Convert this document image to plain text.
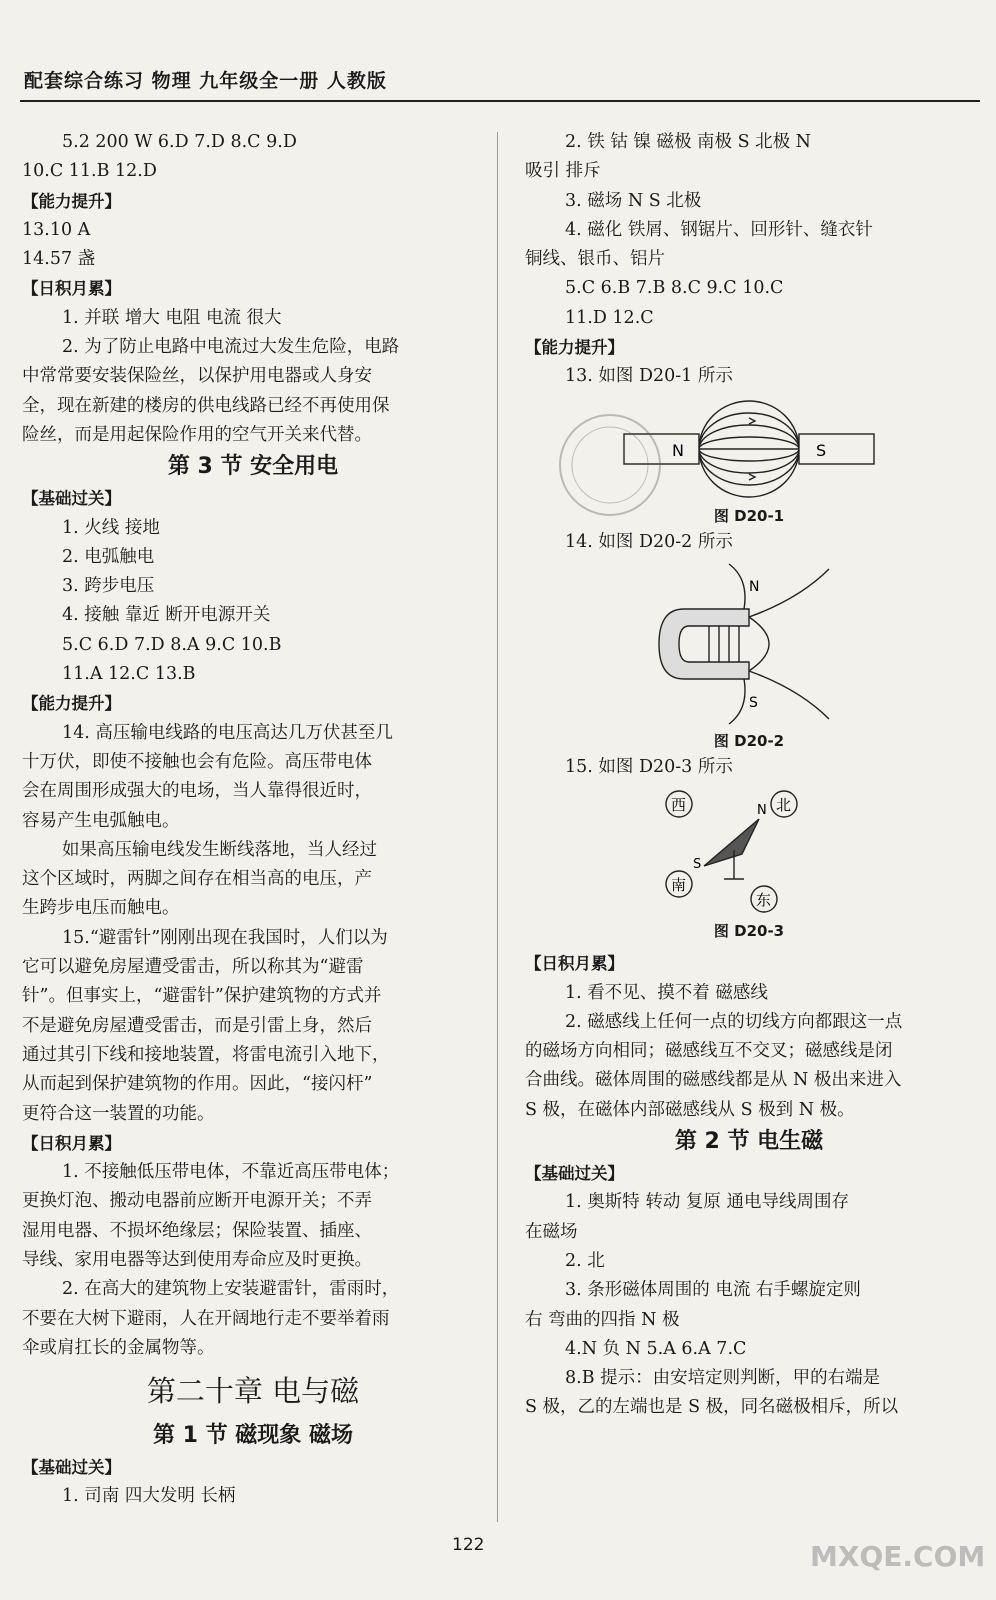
配套综合练习 物理 九年级全一册 人教版
5.2 200 W 6.D 7.D 8.C 9.D
10.C 11.B 12.D
【能力提升】
13.10 A
14.57 盏
【日积月累】
1. 并联 增大 电阻 电流 很大
2. 为了防止电路中电流过大发生危险，电路
中常常要安装保险丝，以保护用电器或人身安
全，现在新建的楼房的供电线路已经不再使用保
险丝，而是用起保险作用的空气开关来代替。
第 3 节 安全用电
【基础过关】
1. 火线 接地
2. 电弧触电
3. 跨步电压
4. 接触 靠近 断开电源开关
5.C 6.D 7.D 8.A 9.C 10.B
11.A 12.C 13.B
【能力提升】
14. 高压输电线路的电压高达几万伏甚至几
十万伏，即使不接触也会有危险。高压带电体
会在周围形成强大的电场，当人靠得很近时，
容易产生电弧触电。
如果高压输电线发生断线落地，当人经过
这个区域时，两脚之间存在相当高的电压，产
生跨步电压而触电。
15.“避雷针”刚刚出现在我国时，人们以为
它可以避免房屋遭受雷击，所以称其为“避雷
针”。但事实上，“避雷针”保护建筑物的方式并
不是避免房屋遭受雷击，而是引雷上身，然后
通过其引下线和接地装置，将雷电流引入地下，
从而起到保护建筑物的作用。因此，“接闪杆”
更符合这一装置的功能。
【日积月累】
1. 不接触低压带电体，不靠近高压带电体；
更换灯泡、搬动电器前应断开电源开关；不弄
湿用电器、不损坏绝缘层；保险装置、插座、
导线、家用电器等达到使用寿命应及时更换。
2. 在高大的建筑物上安装避雷针，雷雨时，
不要在大树下避雨，人在开阔地行走不要举着雨
伞或肩扛长的金属物等。
第二十章 电与磁
第 1 节 磁现象 磁场
【基础过关】
1. 司南 四大发明 长柄
2. 铁 钴 镍 磁极 南极 S 北极 N
吸引 排斥
3. 磁场 N S 北极
4. 磁化 铁屑、钢锯片、回形针、缝衣针
铜线、银币、铝片
5.C 6.B 7.B 8.C 9.C 10.C
11.D 12.C
【能力提升】
13. 如图 D20-1 所示
N	S
图 D20-1
14. 如图 D20-2 所示
N
S
图 D20-2
15. 如图 D20-3 所示
西	北
南
东
N
S
图 D20-3
【日积月累】
1. 看不见、摸不着 磁感线
2. 磁感线上任何一点的切线方向都跟这一点
的磁场方向相同；磁感线互不交叉；磁感线是闭
合曲线。磁体周围的磁感线都是从 N 极出来进入
S 极，在磁体内部磁感线从 S 极到 N 极。
第 2 节 电生磁
【基础过关】
1. 奥斯特 转动 复原 通电导线周围存
在磁场
2. 北
3. 条形磁体周围的 电流 右手螺旋定则
右 弯曲的四指 N 极
4.N 负 N 5.A 6.A 7.C
8.B 提示：由安培定则判断，甲的右端是
S 极，乙的左端也是 S 极，同名磁极相斥，所以
122	MXQE.COM
